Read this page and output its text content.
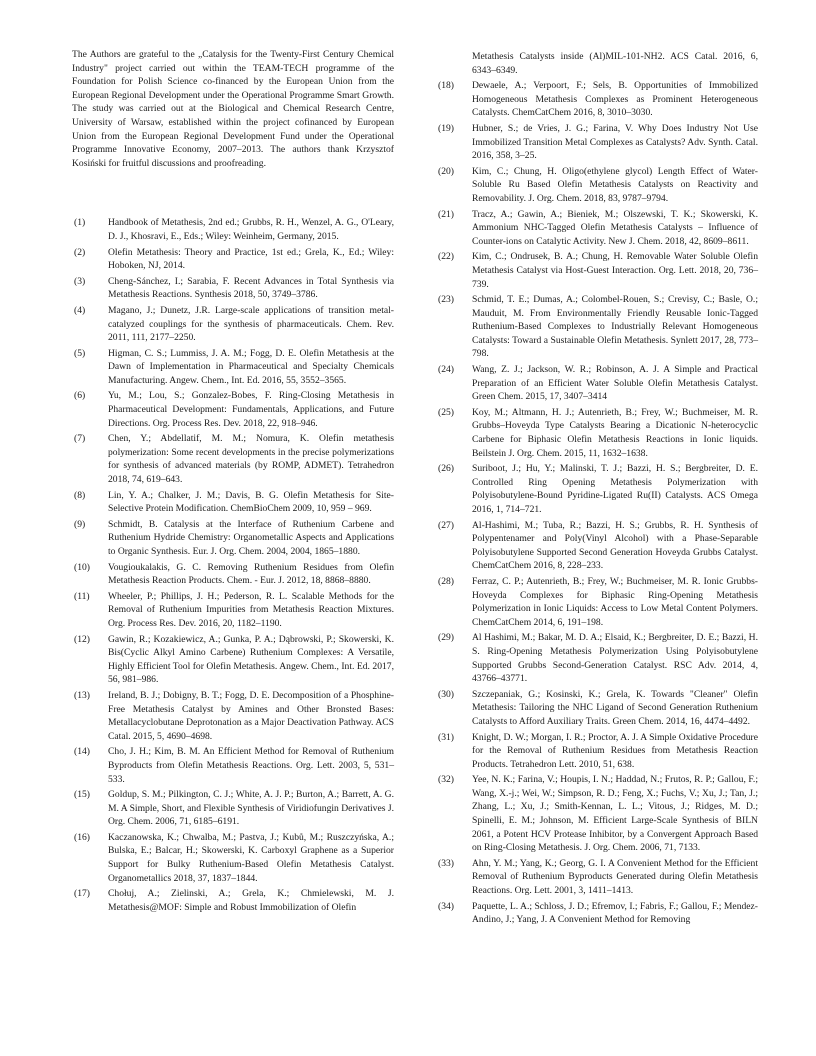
The Authors are grateful to the „Catalysis for the Twenty-First Century Chemical Industry" project carried out within the TEAM-TECH programme of the Foundation for Polish Science co-financed by the European Union from the European Regional Development under the Operational Programme Smart Growth. The study was carried out at the Biological and Chemical Research Centre, University of Warsaw, established within the project cofinanced by European Union from the European Regional Development Fund under the Operational Programme Innovative Economy, 2007–2013. The authors thank Krzysztof Kosiński for fruitful discussions and proofreading.

(1)	Handbook of Metathesis, 2nd ed.; Grubbs, R. H., Wenzel, A. G., O'Leary, D. J., Khosravi, E., Eds.; Wiley: Weinheim, Germany, 2015.
(2)	Olefin Metathesis: Theory and Practice, 1st ed.; Grela, K., Ed.; Wiley: Hoboken, NJ, 2014.
(3)	Cheng-Sánchez, I.; Sarabia, F. Recent Advances in Total Synthesis via Metathesis Reactions. Synthesis 2018, 50, 3749–3786.
(4)	Magano, J.; Dunetz, J.R. Large-scale applications of transition metal-catalyzed couplings for the synthesis of pharmaceuticals. Chem. Rev. 2011, 111, 2177–2250.
(5)	Higman, C. S.; Lummiss, J. A. M.; Fogg, D. E. Olefin Metathesis at the Dawn of Implementation in Pharmaceutical and Specialty Chemicals Manufacturing. Angew. Chem., Int. Ed. 2016, 55, 3552–3565.
(6)	Yu, M.; Lou, S.; Gonzalez-Bobes, F. Ring-Closing Metathesis in Pharmaceutical Development: Fundamentals, Applications, and Future Directions. Org. Process Res. Dev. 2018, 22, 918–946.
(7)	Chen, Y.; Abdellatif, M. M.; Nomura, K. Olefin metathesis polymerization: Some recent developments in the precise polymerizations for synthesis of advanced materials (by ROMP, ADMET). Tetrahedron 2018, 74, 619–643.
(8)	Lin, Y. A.; Chalker, J. M.; Davis, B. G. Olefin Metathesis for Site-Selective Protein Modification. ChemBioChem 2009, 10, 959 – 969.
(9)	Schmidt, B. Catalysis at the Interface of Ruthenium Carbene and Ruthenium Hydride Chemistry: Organometallic Aspects and Applications to Organic Synthesis. Eur. J. Org. Chem. 2004, 2004, 1865–1880.
(10)	Vougioukalakis, G. C. Removing Ruthenium Residues from Olefin Metathesis Reaction Products. Chem. - Eur. J. 2012, 18, 8868–8880.
(11)	Wheeler, P.; Phillips, J. H.; Pederson, R. L. Scalable Methods for the Removal of Ruthenium Impurities from Metathesis Reaction Mixtures. Org. Process Res. Dev. 2016, 20, 1182–1190.
(12)	Gawin, R.; Kozakiewicz, A.; Gunka, P. A.; Dąbrowski, P.; Skowerski, K. Bis(Cyclic Alkyl Amino Carbene) Ruthenium Complexes: A Versatile, Highly Efficient Tool for Olefin Metathesis. Angew. Chem., Int. Ed. 2017, 56, 981–986.
(13)	Ireland, B. J.; Dobigny, B. T.; Fogg, D. E. Decomposition of a Phosphine-Free Metathesis Catalyst by Amines and Other Bronsted Bases: Metallacyclobutane Deprotonation as a Major Deactivation Pathway. ACS Catal. 2015, 5, 4690–4698.
(14)	Cho, J. H.; Kim, B. M. An Efficient Method for Removal of Ruthenium Byproducts from Olefin Metathesis Reactions. Org. Lett. 2003, 5, 531–533.
(15)	Goldup, S. M.; Pilkington, C. J.; White, A. J. P.; Burton, A.; Barrett, A. G. M. A Simple, Short, and Flexible Synthesis of Viridiofungin Derivatives J. Org. Chem. 2006, 71, 6185–6191.
(16)	Kaczanowska, K.; Chwalba, M.; Pastva, J.; Kubů, M.; Ruszczyńska, A.; Bulska, E.; Balcar, H.; Skowerski, K. Carboxyl Graphene as a Superior Support for Bulky Ruthenium-Based Olefin Metathesis Catalyst. Organometallics 2018, 37, 1837–1844.
(17)	Chołuj, A.; Zielinski, A.; Grela, K.; Chmielewski, M. J. Metathesis@MOF: Simple and Robust Immobilization of Olefin
Metathesis Catalysts inside (Al)MIL-101-NH2. ACS Catal. 2016, 6, 6343–6349.
(18)	Dewaele, A.; Verpoort, F.; Sels, B. Opportunities of Immobilized Homogeneous Metathesis Complexes as Prominent Heterogeneous Catalysts. ChemCatChem 2016, 8, 3010–3030.
(19)	Hubner, S.; de Vries, J. G.; Farina, V. Why Does Industry Not Use Immobilized Transition Metal Complexes as Catalysts? Adv. Synth. Catal. 2016, 358, 3–25.
(20)	Kim, C.; Chung, H. Oligo(ethylene glycol) Length Effect of Water-Soluble Ru Based Olefin Metathesis Catalysts on Reactivity and Removability. J. Org. Chem. 2018, 83, 9787–9794.
(21)	Tracz, A.; Gawin, A.; Bieniek, M.; Olszewski, T. K.; Skowerski, K. Ammonium NHC-Tagged Olefin Metathesis Catalysts – Influence of Counter-ions on Catalytic Activity. New J. Chem. 2018, 42, 8609–8611.
(22)	Kim, C.; Ondrusek, B. A.; Chung, H. Removable Water Soluble Olefin Metathesis Catalyst via Host-Guest Interaction. Org. Lett. 2018, 20, 736–739.
(23)	Schmid, T. E.; Dumas, A.; Colombel-Rouen, S.; Crevisy, C.; Basle, O.; Mauduit, M. From Environmentally Friendly Reusable Ionic-Tagged Ruthenium-Based Complexes to Industrially Relevant Homogeneous Catalysts: Toward a Sustainable Olefin Metathesis. Synlett 2017, 28, 773–798.
(24)	Wang, Z. J.; Jackson, W. R.; Robinson, A. J. A Simple and Practical Preparation of an Efficient Water Soluble Olefin Metathesis Catalyst. Green Chem. 2015, 17, 3407–3414
(25)	Koy, M.; Altmann, H. J.; Autenrieth, B.; Frey, W.; Buchmeiser, M. R. Grubbs–Hoveyda Type Catalysts Bearing a Dicationic N-heterocyclic Carbene for Biphasic Olefin Metathesis Reactions in Ionic liquids. Beilstein J. Org. Chem. 2015, 11, 1632–1638.
(26)	Suriboot, J.; Hu, Y.; Malinski, T. J.; Bazzi, H. S.; Bergbreiter, D. E. Controlled Ring Opening Metathesis Polymerization with Polyisobutylene-Bound Pyridine-Ligated Ru(II) Catalysts. ACS Omega 2016, 1, 714–721.
(27)	Al-Hashimi, M.; Tuba, R.; Bazzi, H. S.; Grubbs, R. H. Synthesis of Polypentenamer and Poly(Vinyl Alcohol) with a Phase-Separable Polyisobutylene Supported Second Generation Hoveyda Grubbs Catalyst. ChemCatChem 2016, 8, 228–233.
(28)	Ferraz, C. P.; Autenrieth, B.; Frey, W.; Buchmeiser, M. R. Ionic Grubbs-Hoveyda Complexes for Biphasic Ring-Opening Metathesis Polymerization in Ionic Liquids: Access to Low Metal Content Polymers. ChemCatChem 2014, 6, 191–198.
(29)	Al Hashimi, M.; Bakar, M. D. A.; Elsaid, K.; Bergbreiter, D. E.; Bazzi, H. S. Ring-Opening Metathesis Polymerization Using Polyisobutylene Supported Grubbs Second-Generation Catalyst. RSC Adv. 2014, 4, 43766–43771.
(30)	Szczepaniak, G.; Kosinski, K.; Grela, K. Towards "Cleaner" Olefin Metathesis: Tailoring the NHC Ligand of Second Generation Ruthenium Catalysts to Afford Auxiliary Traits. Green Chem. 2014, 16, 4474–4492.
(31)	Knight, D. W.; Morgan, I. R.; Proctor, A. J. A Simple Oxidative Procedure for the Removal of Ruthenium Residues from Metathesis Reaction Products. Tetrahedron Lett. 2010, 51, 638.
(32)	Yee, N. K.; Farina, V.; Houpis, I. N.; Haddad, N.; Frutos, R. P.; Gallou, F.; Wang, X.-j.; Wei, W.; Simpson, R. D.; Feng, X.; Fuchs, V.; Xu, J.; Tan, J.; Zhang, L.; Xu, J.; Smith-Kennan, L. L.; Vitous, J.; Ridges, M. D.; Spinelli, E. M.; Johnson, M. Efficient Large-Scale Synthesis of BILN 2061, a Potent HCV Protease Inhibitor, by a Convergent Approach Based on Ring-Closing Metathesis. J. Org. Chem. 2006, 71, 7133.
(33)	Ahn, Y. M.; Yang, K.; Georg, G. I. A Convenient Method for the Efficient Removal of Ruthenium Byproducts Generated during Olefin Metathesis Reactions. Org. Lett. 2001, 3, 1411–1413.
(34)	Paquette, L. A.; Schloss, J. D.; Efremov, I.; Fabris, F.; Gallou, F.; Mendez-Andino, J.; Yang, J. A Convenient Method for Removing
